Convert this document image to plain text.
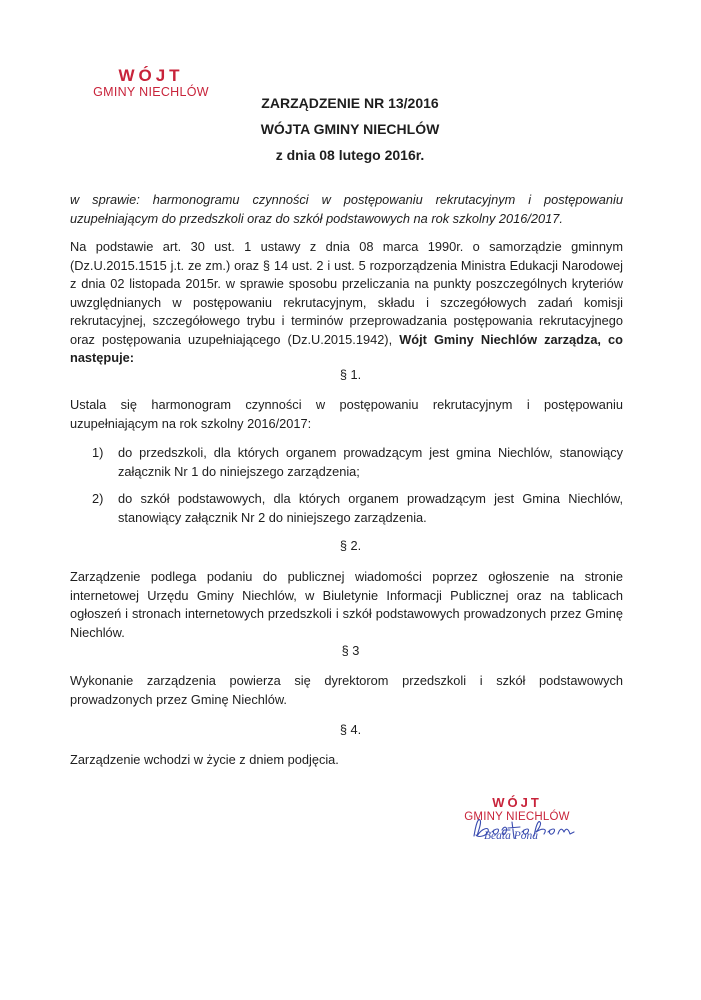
WÓJT
GMINY NIECHLÓW
ZARZĄDZENIE NR 13/2016
WÓJTA GMINY NIECHLÓW
z dnia 08 lutego 2016r.
w sprawie: harmonogramu czynności w postępowaniu rekrutacyjnym i postępowaniu uzupełniającym do przedszkoli oraz do szkół podstawowych na rok szkolny 2016/2017.
Na podstawie art. 30 ust. 1 ustawy z dnia 08 marca 1990r. o samorządzie gminnym (Dz.U.2015.1515 j.t. ze zm.) oraz § 14 ust. 2 i ust. 5 rozporządzenia Ministra Edukacji Narodowej z dnia 02 listopada 2015r. w sprawie sposobu przeliczania na punkty poszczególnych kryteriów uwzględnianych w postępowaniu rekrutacyjnym, składu i szczegółowych zadań komisji rekrutacyjnej, szczegółowego trybu i terminów przeprowadzania postępowania rekrutacyjnego oraz postępowania uzupełniającego (Dz.U.2015.1942), Wójt Gminy Niechlów zarządza, co następuje:
§ 1.
Ustala się harmonogram czynności w postępowaniu rekrutacyjnym i postępowaniu uzupełniającym na rok szkolny 2016/2017:
1) do przedszkoli, dla których organem prowadzącym jest gmina Niechlów, stanowiący załącznik Nr 1 do niniejszego zarządzenia;
2) do szkół podstawowych, dla których organem prowadzącym jest Gmina Niechlów, stanowiący załącznik Nr 2 do niniejszego zarządzenia.
§ 2.
Zarządzenie podlega podaniu do publicznej wiadomości poprzez ogłoszenie na stronie internetowej Urzędu Gminy Niechlów, w Biuletynie Informacji Publicznej oraz na tablicach ogłoszeń i stronach internetowych przedszkoli i szkół podstawowych prowadzonych przez Gminę Niechlów.
§ 3
Wykonanie zarządzenia powierza się dyrektorom przedszkoli i szkół podstawowych prowadzonych przez Gminę Niechlów.
§ 4.
Zarządzenie wchodzi w życie z dniem podjęcia.
WÓJT
GMINY NIECHLÓW
Beata Pona
